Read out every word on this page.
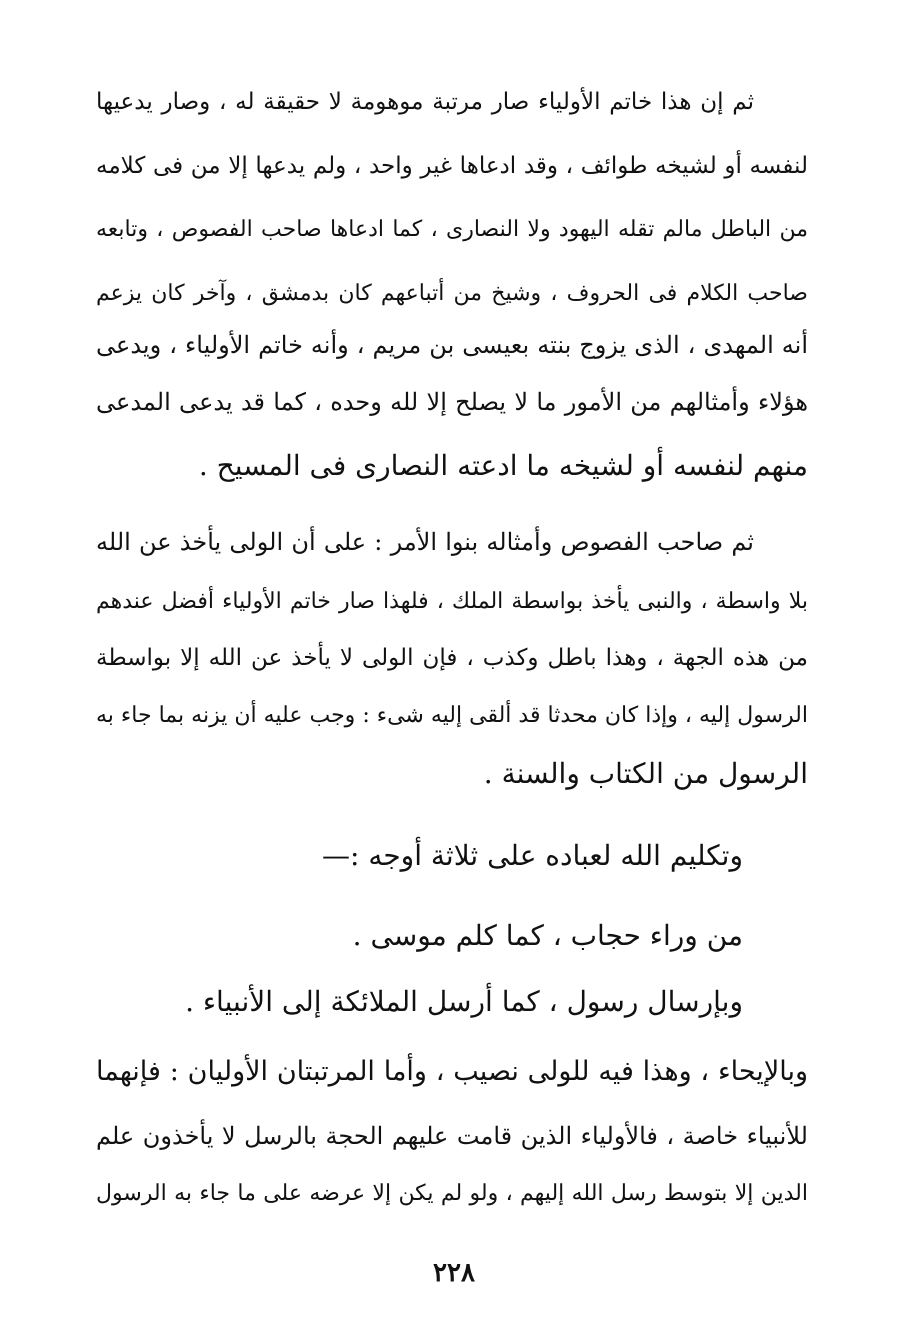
ثم إن هذا خاتم الأولياء صار مرتبة موهومة لا حقيقة له ، وصار يدعيها
لنفسه أو لشيخه طوائف ، وقد ادعاها غير واحد ، ولم يدعها إلا من فى كلامه
من الباطل مالم تقله اليهود ولا النصارى ، كما ادعاها صاحب الفصوص ، وتابعه
صاحب الكلام فى الحروف ، وشيخ من أتباعهم كان بدمشق ، وآخر كان يزعم
أنه المهدى ، الذى يزوج بنته بعيسى بن مريم ، وأنه خاتم الأولياء ، ويدعى
هؤلاء وأمثالهم من الأمور ما لا يصلح إلا لله وحده ، كما قد يدعى المدعى
منهم لنفسه أو لشيخه ما ادعته النصارى فى المسيح .
ثم صاحب الفصوص وأمثاله بنوا الأمر : على أن الولى يأخذ عن الله
بلا واسطة ، والنبى يأخذ بواسطة الملك ، فلهذا صار خاتم الأولياء أفضل عندهم
من هذه الجهة ، وهذا باطل وكذب ، فإن الولى لا يأخذ عن الله إلا بواسطة
الرسول إليه ، وإذا كان محدثا قد ألقى إليه شىء : وجب عليه أن يزنه بما جاء به
الرسول من الكتاب والسنة .
وتكليم الله لعباده على ثلاثة أوجه :—
من وراء حجاب ، كما كلم موسى .
وبإرسال رسول ، كما أرسل الملائكة إلى الأنبياء .
وبالإيحاء ، وهذا فيه للولى نصيب ، وأما المرتبتان الأوليان : فإنهما
للأنبياء خاصة ، فالأولياء الذين قامت عليهم الحجة بالرسل لا يأخذون علم
الدين إلا بتوسط رسل الله إليهم ، ولو لم يكن إلا عرضه على ما جاء به الرسول
٢٢٨
